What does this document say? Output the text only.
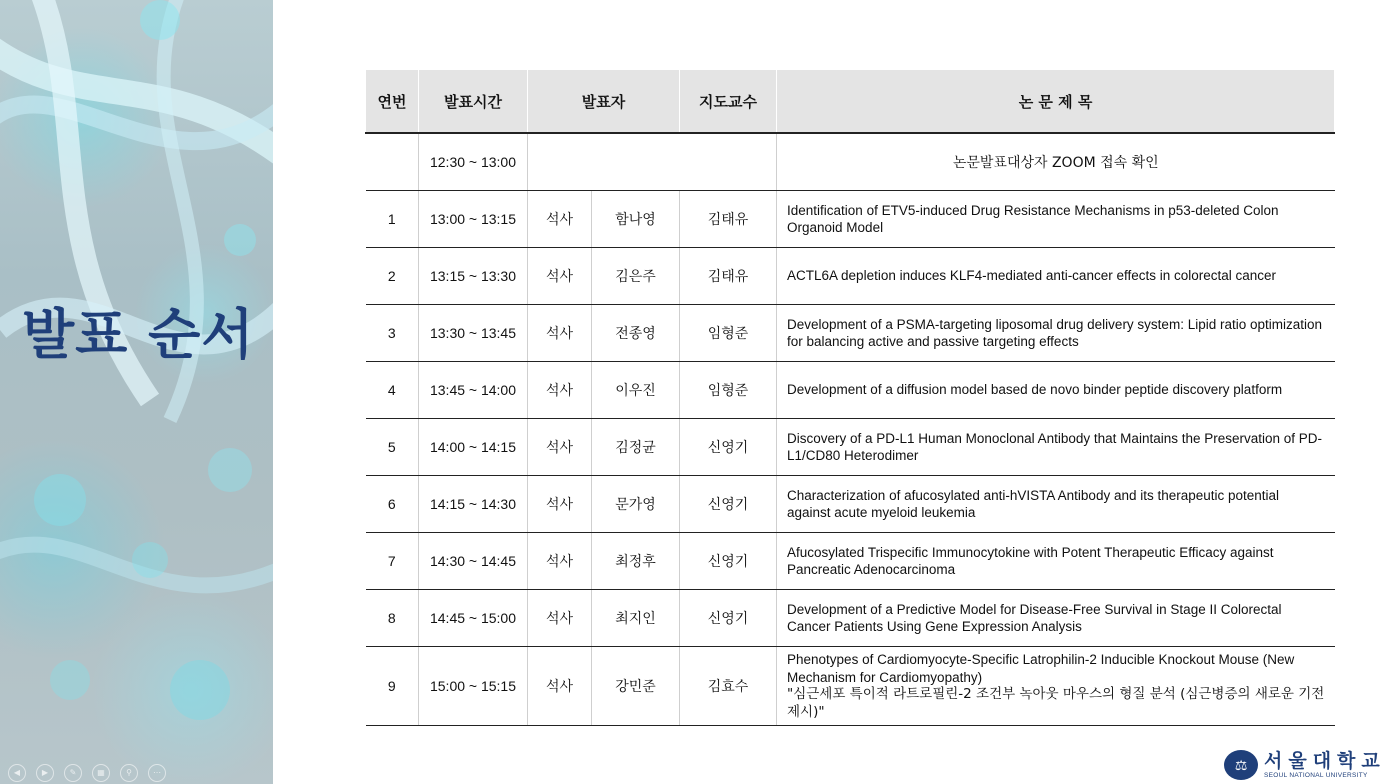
발표 순서
◀	▶	✎	▦	⚲	⋯
연번	발표시간	발표자		지도교수	논 문 제 목
	12:30 ~ 13:00				논문발표대상자 ZOOM 접속 확인
1	13:00 ~ 13:15	석사	함나영	김태유	Identification of ETV5-induced Drug Resistance Mechanisms in p53-deleted Colon Organoid Model
2	13:15 ~ 13:30	석사	김은주	김태유	ACTL6A depletion induces KLF4-mediated anti-cancer effects in colorectal cancer
3	13:30 ~ 13:45	석사	전종영	임형준	Development of a PSMA-targeting liposomal drug delivery system: Lipid ratio optimization for balancing active and passive targeting effects
4	13:45 ~ 14:00	석사	이우진	임형준	Development of a diffusion model based de novo binder peptide discovery platform
5	14:00 ~ 14:15	석사	김정균	신영기	Discovery of a PD-L1 Human Monoclonal Antibody that Maintains the Preservation of PD-L1/CD80 Heterodimer
6	14:15 ~ 14:30	석사	문가영	신영기	Characterization of afucosylated anti-hVISTA Antibody and its therapeutic potential against acute myeloid leukemia
7	14:30 ~ 14:45	석사	최정후	신영기	Afucosylated Trispecific Immunocytokine with Potent Therapeutic Efficacy against Pancreatic Adenocarcinoma
8	14:45 ~ 15:00	석사	최지인	신영기	Development of a Predictive Model for Disease-Free Survival in Stage II Colorectal Cancer Patients Using Gene Expression Analysis
9	15:00 ~ 15:15	석사	강민준	김효수	Phenotypes of Cardiomyocyte-Specific Latrophilin-2 Inducible Knockout Mouse (New Mechanism for Cardiomyopathy)
"심근세포 특이적 라트로필린-2 조건부 녹아웃 마우스의 형질 분석 (심근병증의 새로운 기전 제시)"
⚖ 서울대학교
SEOUL NATIONAL UNIVERSITY
